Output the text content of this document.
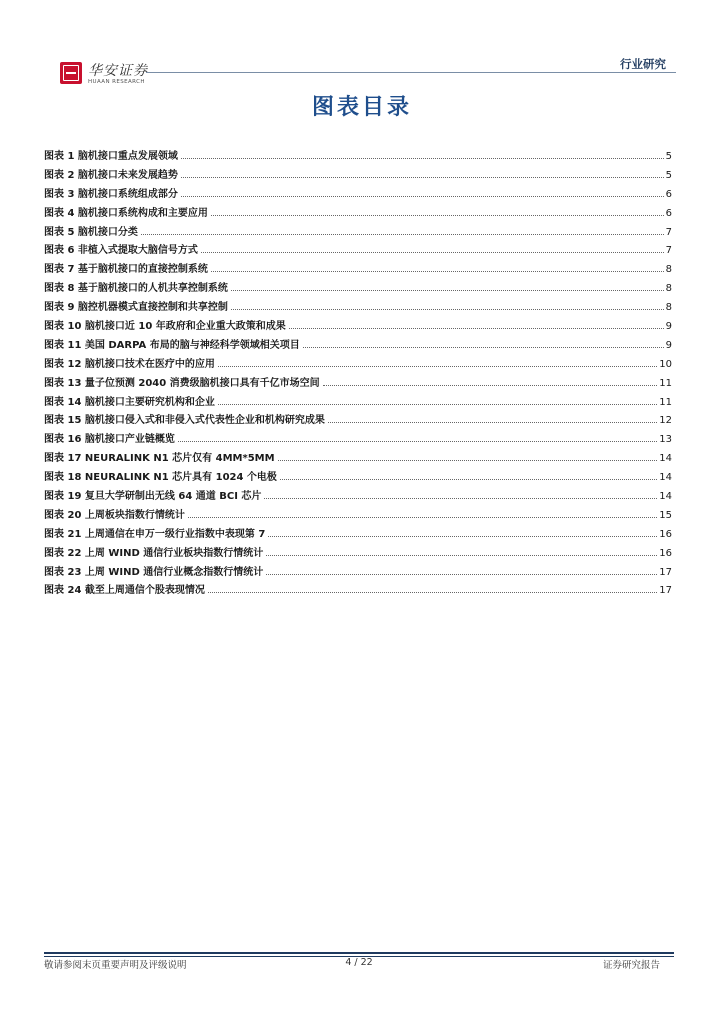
华安证券
HUAAN RESEARCH
行业研究
图表目录
图表 1 脑机接口重点发展领域	5
图表 2 脑机接口未来发展趋势	5
图表 3 脑机接口系统组成部分	6
图表 4 脑机接口系统构成和主要应用	6
图表 5 脑机接口分类	7
图表 6 非植入式提取大脑信号方式	7
图表 7 基于脑机接口的直接控制系统	8
图表 8 基于脑机接口的人机共享控制系统	8
图表 9 脑控机器模式直接控制和共享控制	8
图表 10 脑机接口近 10 年政府和企业重大政策和成果	9
图表 11 美国 DARPA 布局的脑与神经科学领域相关项目	9
图表 12 脑机接口技术在医疗中的应用	10
图表 13 量子位预测 2040 消费级脑机接口具有千亿市场空间	11
图表 14 脑机接口主要研究机构和企业	11
图表 15 脑机接口侵入式和非侵入式代表性企业和机构研究成果	12
图表 16 脑机接口产业链概览	13
图表 17 NEURALINK N1 芯片仅有 4MM*5MM	14
图表 18 NEURALINK N1 芯片具有 1024 个电极	14
图表 19 复旦大学研制出无线 64 通道 BCI 芯片	14
图表 20 上周板块指数行情统计	15
图表 21 上周通信在申万一级行业指数中表现第 7	16
图表 22 上周 WIND 通信行业板块指数行情统计	16
图表 23 上周 WIND 通信行业概念指数行情统计	17
图表 24 截至上周通信个股表现情况	17
敬请参阅末页重要声明及评级说明	4 / 22	证券研究报告
